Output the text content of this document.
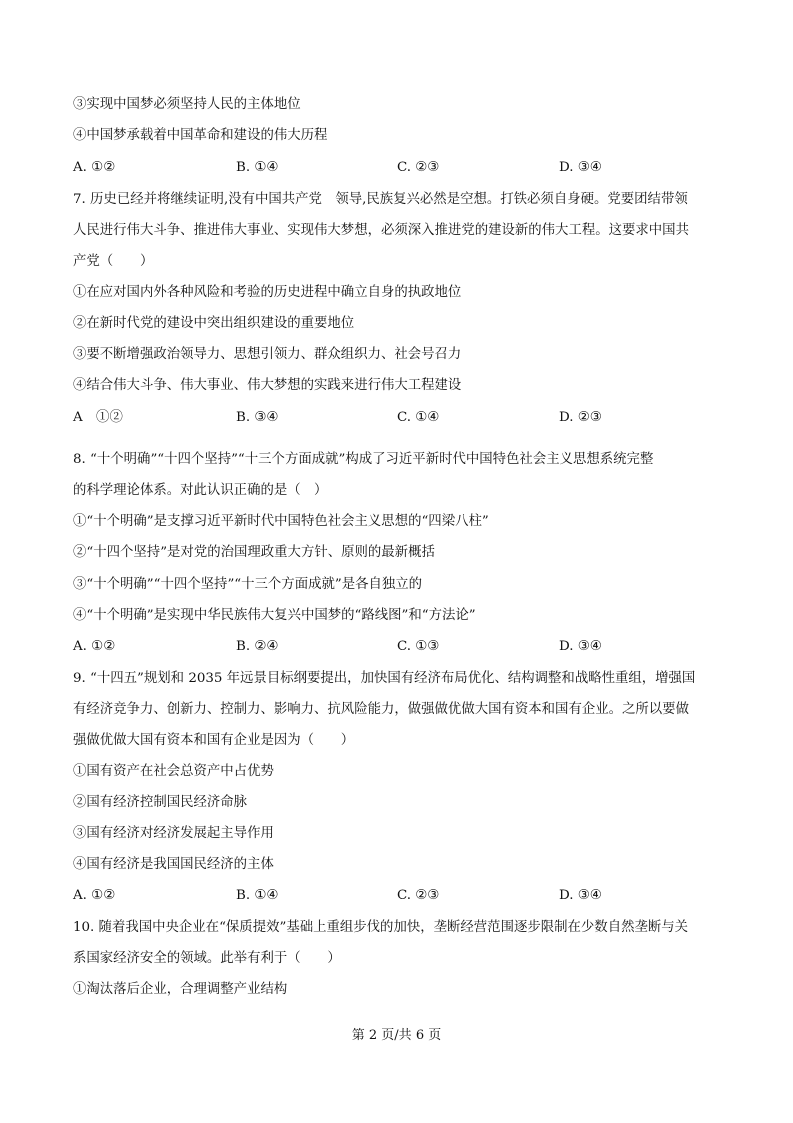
③实现中国梦必须坚持人民的主体地位
④中国梦承载着中国革命和建设的伟大历程
A. ①②	B. ①④	C. ②③	D. ③④
7. 历史已经并将继续证明,没有中国共产党　领导,民族复兴必然是空想。打铁必须自身硬。党要团结带领
人民进行伟大斗争、推进伟大事业、实现伟大梦想，必须深入推进党的建设新的伟大工程。这要求中国共
产党（　　）
①在应对国内外各种风险和考验的历史进程中确立自身的执政地位
②在新时代党的建设中突出组织建设的重要地位
③要不断增强政治领导力、思想引领力、群众组织力、社会号召力
④结合伟大斗争、伟大事业、伟大梦想的实践来进行伟大工程建设
A　①②	B. ③④	C. ①④	D. ②③
8. “十个明确”“十四个坚持”“十三个方面成就”构成了习近平新时代中国特色社会主义思想系统完整
的科学理论体系。对此认识正确的是（　）
①“十个明确”是支撑习近平新时代中国特色社会主义思想的“四梁八柱”
②“十四个坚持”是对党的治国理政重大方针、原则的最新概括
③“十个明确”“十四个坚持”“十三个方面成就”是各自独立的
④“十个明确”是实现中华民族伟大复兴中国梦的“路线图”和“方法论”
A. ①②	B. ②④	C. ①③	D. ③④
9. “十四五”规划和 2035 年远景目标纲要提出，加快国有经济布局优化、结构调整和战略性重组，增强国
有经济竞争力、创新力、控制力、影响力、抗风险能力，做强做优做大国有资本和国有企业。之所以要做
强做优做大国有资本和国有企业是因为（　　）
①国有资产在社会总资产中占优势
②国有经济控制国民经济命脉
③国有经济对经济发展起主导作用
④国有经济是我国国民经济的主体
A. ①②	B. ①④	C. ②③	D. ③④
10. 随着我国中央企业在“保质提效”基础上重组步伐的加快，垄断经营范围逐步限制在少数自然垄断与关
系国家经济安全的领域。此举有利于（　　）
①淘汰落后企业，合理调整产业结构
第 2 页/共 6 页
